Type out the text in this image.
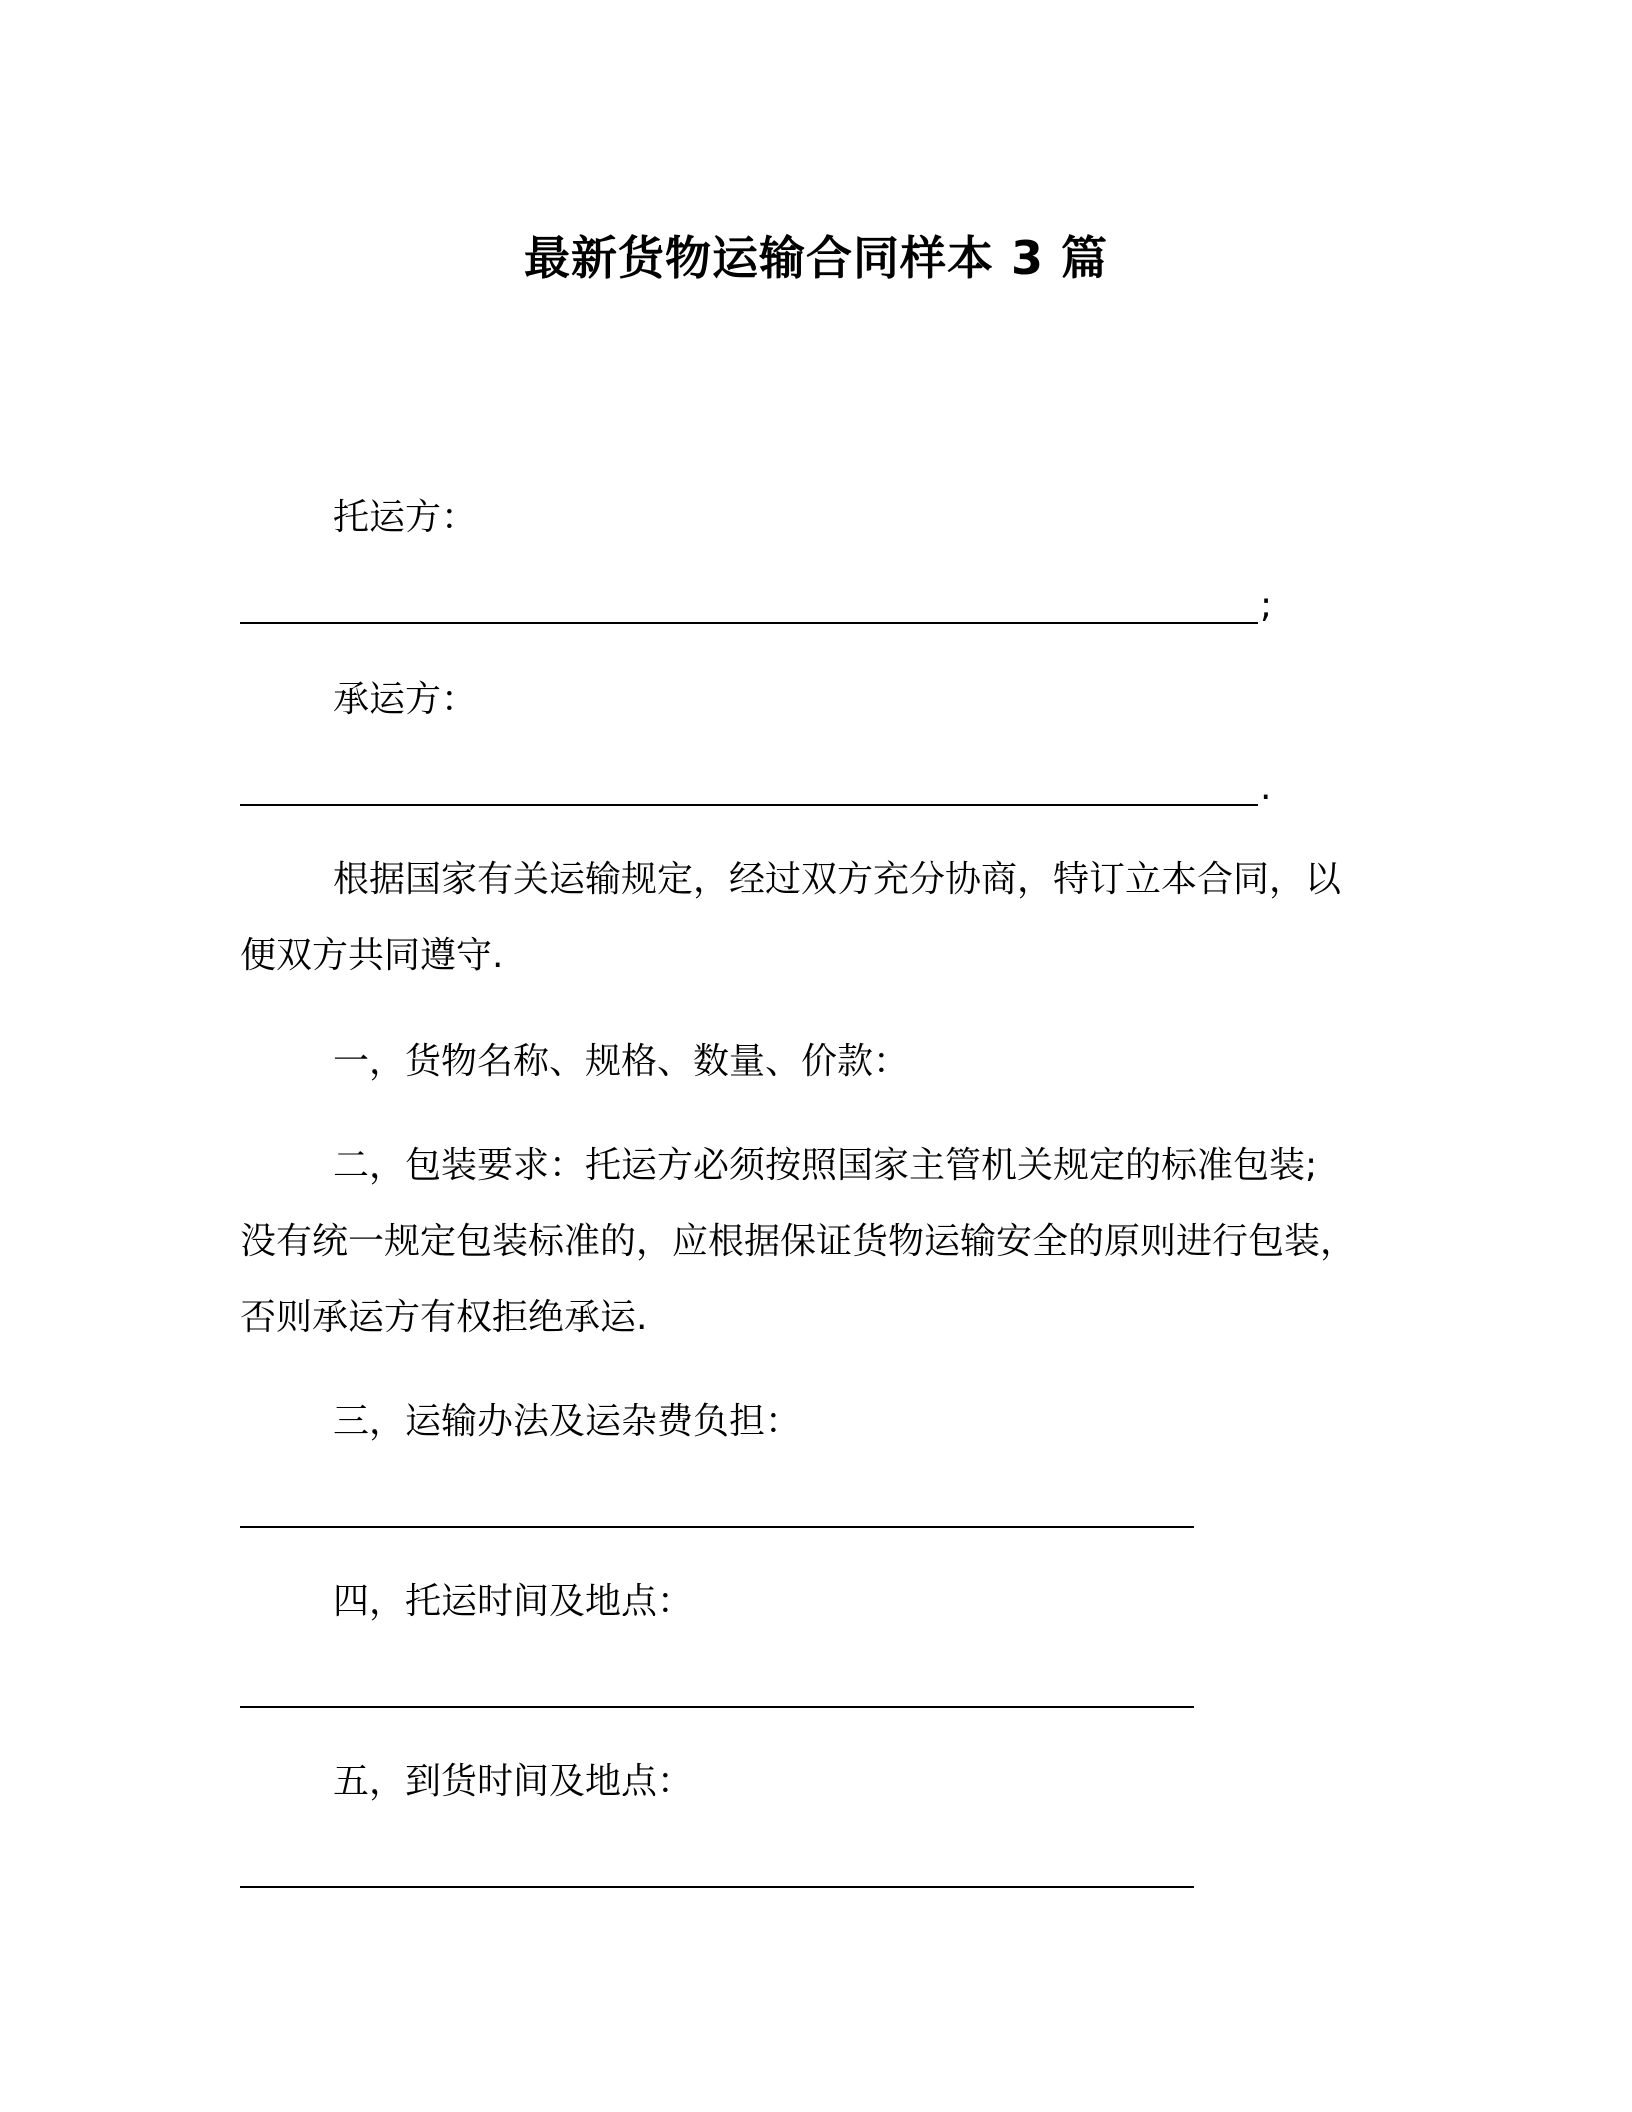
最新货物运输合同样本 3 篇
托运方：
;
承运方：
.
根据国家有关运输规定，经过双方充分协商，特订立本合同，以
便双方共同遵守.
一，货物名称、规格、数量、价款：
二，包装要求：托运方必须按照国家主管机关规定的标准包装;
没有统一规定包装标准的，应根据保证货物运输安全的原则进行包装，
否则承运方有权拒绝承运.
三，运输办法及运杂费负担：
四，托运时间及地点：
五，到货时间及地点：
